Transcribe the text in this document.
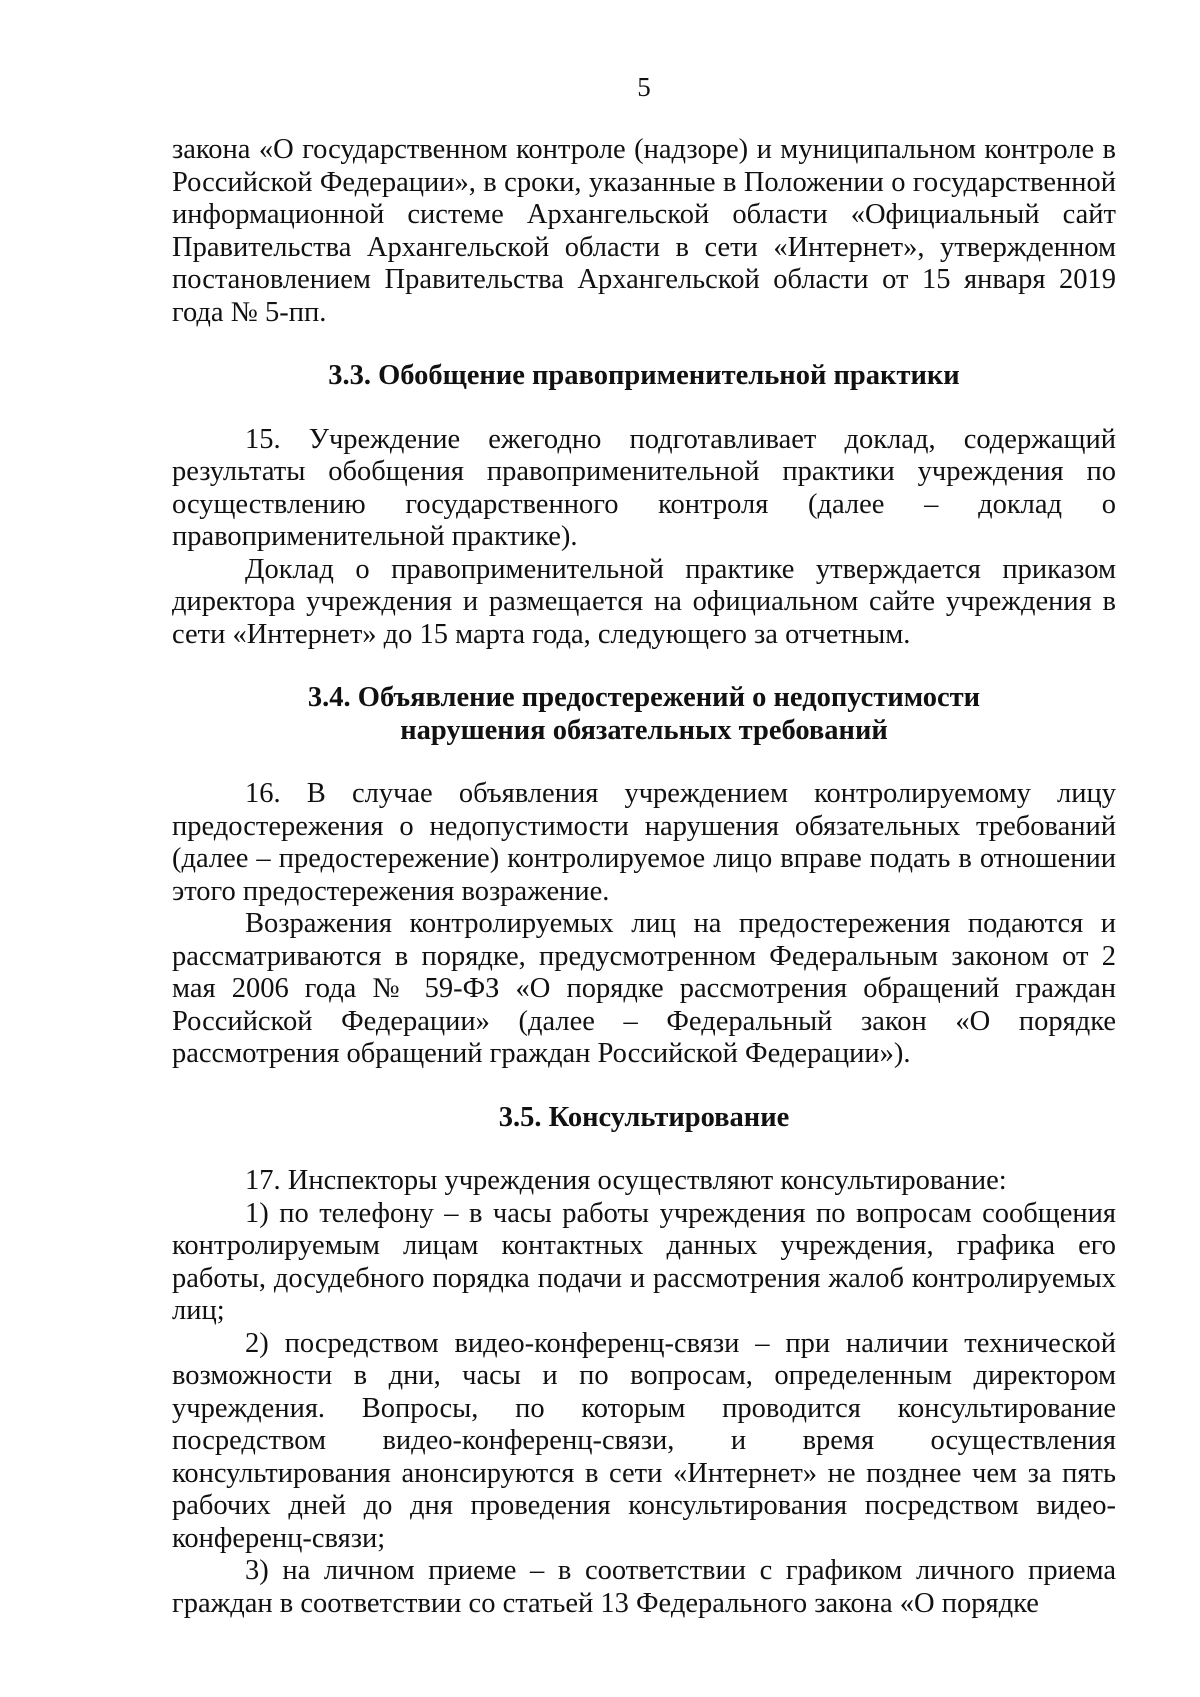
5

закона «О государственном контроле (надзоре) и муниципальном контроле в Российской Федерации», в сроки, указанные в Положении о государственной информационной системе Архангельской области «Официальный сайт Правительства Архангельской области в сети «Интернет», утвержденном постановлением Правительства Архангельской области от 15 января 2019 года № 5-пп.

3.3. Обобщение правоприменительной практики

15. Учреждение ежегодно подготавливает доклад, содержащий результаты обобщения правоприменительной практики учреждения по осуществлению государственного контроля (далее – доклад о правоприменительной практике).

Доклад о правоприменительной практике утверждается приказом директора учреждения и размещается на официальном сайте учреждения в сети «Интернет» до 15 марта года, следующего за отчетным.

3.4. Объявление предостережений о недопустимости
нарушения обязательных требований

16. В случае объявления учреждением контролируемому лицу предостережения о недопустимости нарушения обязательных требований (далее – предостережение) контролируемое лицо вправе подать в отношении этого предостережения возражение.

Возражения контролируемых лиц на предостережения подаются и рассматриваются в порядке, предусмотренном Федеральным законом от 2 мая 2006 года № 59-ФЗ «О порядке рассмотрения обращений граждан Российской Федерации» (далее – Федеральный закон «О порядке рассмотрения обращений граждан Российской Федерации»).

3.5. Консультирование

17. Инспекторы учреждения осуществляют консультирование:

1) по телефону – в часы работы учреждения по вопросам сообщения контролируемым лицам контактных данных учреждения, графика его работы, досудебного порядка подачи и рассмотрения жалоб контролируемых лиц;

2) посредством видео-конференц-связи – при наличии технической возможности в дни, часы и по вопросам, определенным директором учреждения. Вопросы, по которым проводится консультирование посредством видео-конференц-связи, и время осуществления консультирования анонсируются в сети «Интернет» не позднее чем за пять рабочих дней до дня проведения консультирования посредством видео-конференц-связи;

3) на личном приеме – в соответствии с графиком личного приема граждан в соответствии со статьей 13 Федерального закона «О порядке
